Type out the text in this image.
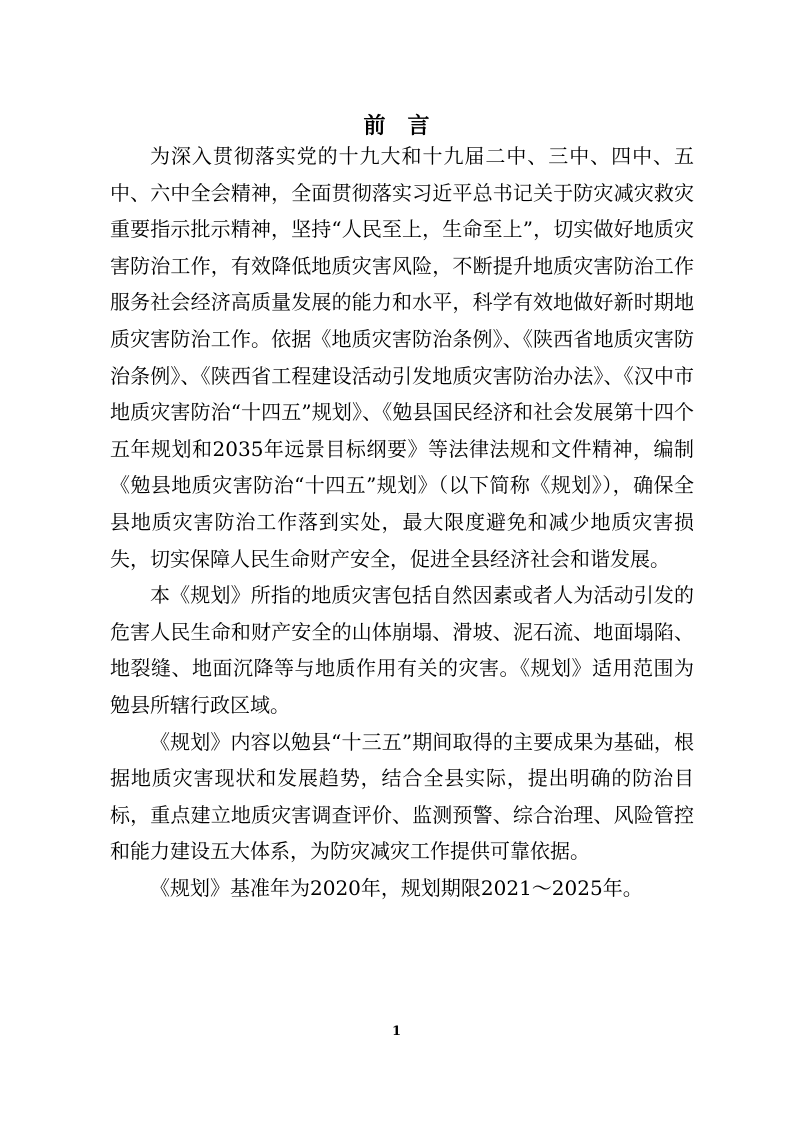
前言

为深入贯彻落实党的十九大和十九届二中、三中、四中、五中、六中全会精神，全面贯彻落实习近平总书记关于防灾减灾救灾重要指示批示精神，坚持“人民至上，生命至上”，切实做好地质灾害防治工作，有效降低地质灾害风险，不断提升地质灾害防治工作服务社会经济高质量发展的能力和水平，科学有效地做好新时期地质灾害防治工作。依据《地质灾害防治条例》、《陕西省地质灾害防治条例》、《陕西省工程建设活动引发地质灾害防治办法》、《汉中市地质灾害防治“十四五”规划》、《勉县国民经济和社会发展第十四个五年规划和2035年远景目标纲要》等法律法规和文件精神，编制《勉县地质灾害防治“十四五”规划》（以下简称《规划》），确保全县地质灾害防治工作落到实处，最大限度避免和减少地质灾害损失，切实保障人民生命财产安全，促进全县经济社会和谐发展。

本《规划》所指的地质灾害包括自然因素或者人为活动引发的危害人民生命和财产安全的山体崩塌、滑坡、泥石流、地面塌陷、地裂缝、地面沉降等与地质作用有关的灾害。《规划》适用范围为勉县所辖行政区域。

《规划》内容以勉县“十三五”期间取得的主要成果为基础，根据地质灾害现状和发展趋势，结合全县实际，提出明确的防治目标，重点建立地质灾害调查评价、监测预警、综合治理、风险管控和能力建设五大体系，为防灾减灾工作提供可靠依据。

《规划》基准年为2020年，规划期限2021～2025年。

1
